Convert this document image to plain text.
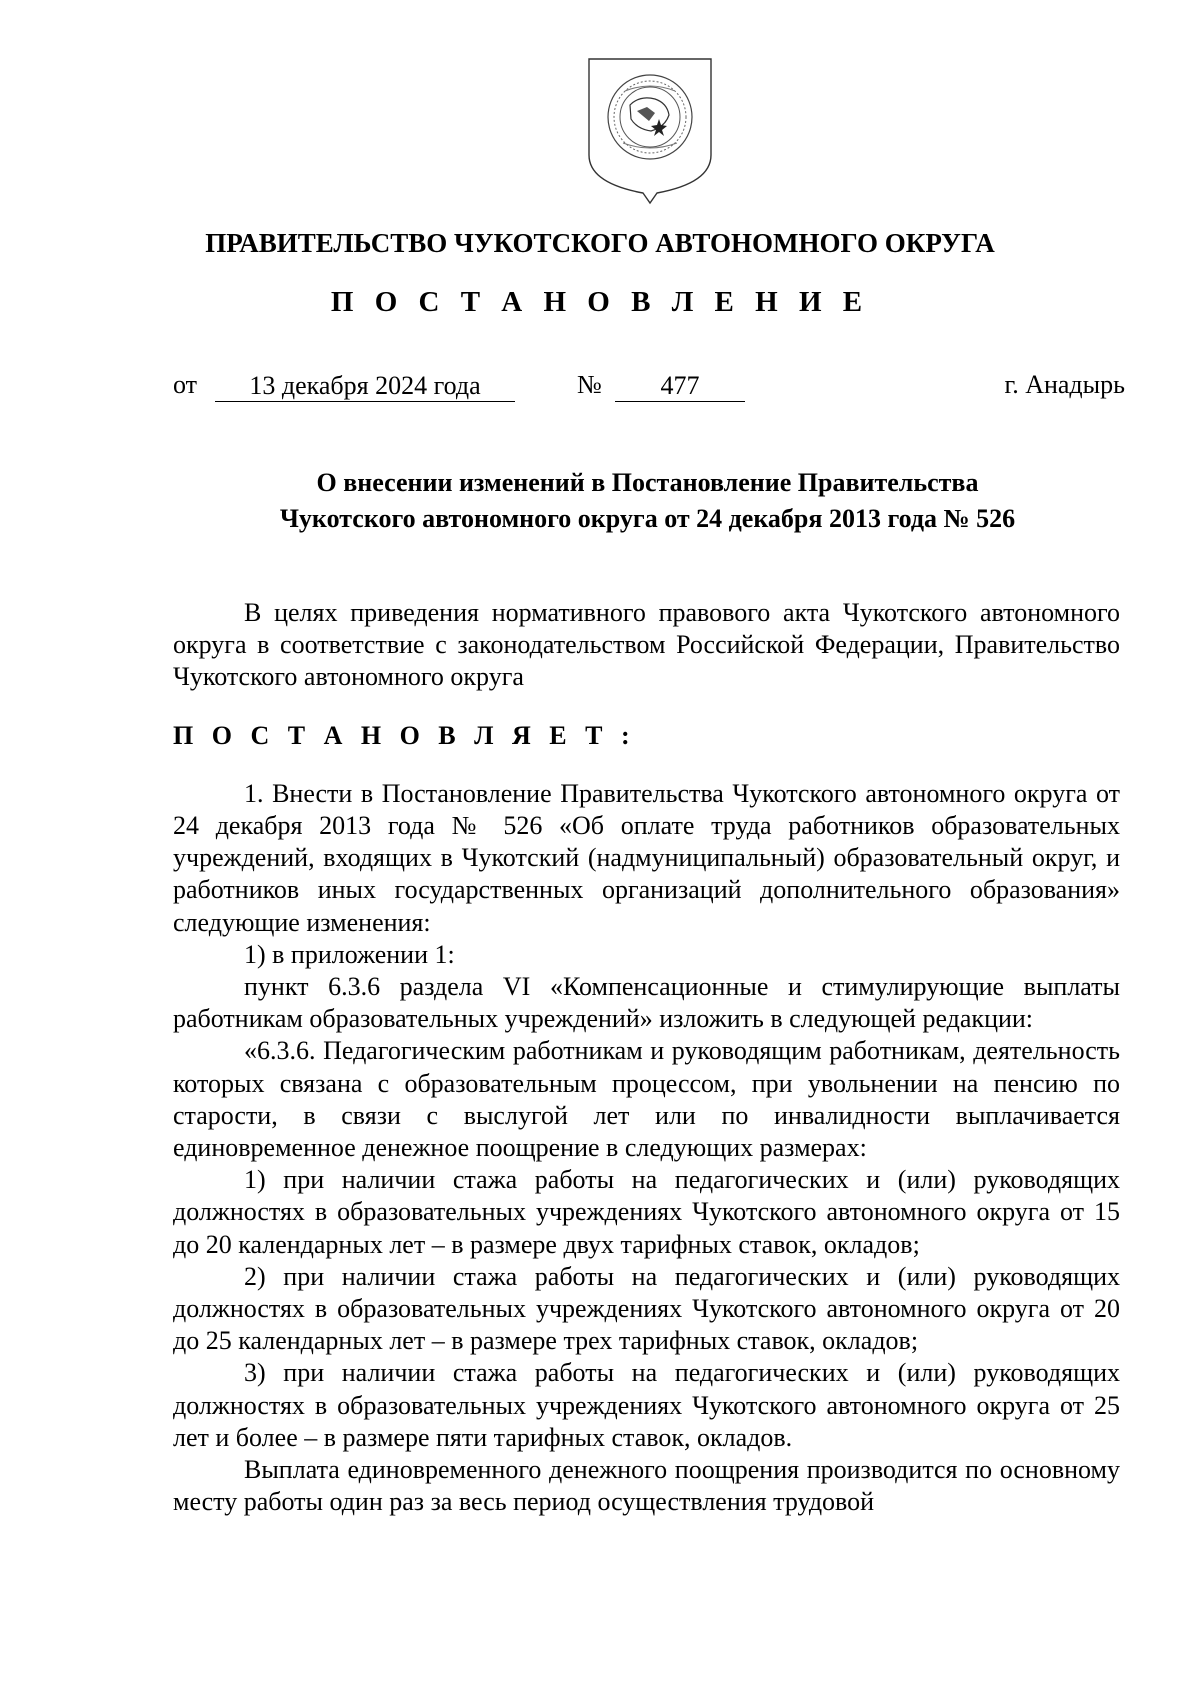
ПРАВИТЕЛЬСТВО ЧУКОТСКОГО АВТОНОМНОГО ОКРУГА
П О С Т А Н О В Л Е Н И Е
от	13 декабря 2024 года	№	477	г. Анадырь
О внесении изменений в Постановление Правительства
Чукотского автономного округа от 24 декабря 2013 года № 526

В целях приведения нормативного правового акта Чукотского автономного округа в соответствие с законодательством Российской Федерации, Правительство Чукотского автономного округа

П О С Т А Н О В Л Я Е Т :

1. Внести в Постановление Правительства Чукотского автономного округа от 24 декабря 2013 года № 526 «Об оплате труда работников образовательных учреждений, входящих в Чукотский (надмуниципальный) образовательный округ, и работников иных государственных организаций дополнительного образования» следующие изменения:

1) в приложении 1:

пункт 6.3.6 раздела VI «Компенсационные и стимулирующие выплаты работникам образовательных учреждений» изложить в следующей редакции:

«6.3.6. Педагогическим работникам и руководящим работникам, деятельность которых связана с образовательным процессом, при увольнении на пенсию по старости, в связи с выслугой лет или по инвалидности выплачивается единовременное денежное поощрение в следующих размерах:

1) при наличии стажа работы на педагогических и (или) руководящих должностях в образовательных учреждениях Чукотского автономного округа от 15 до 20 календарных лет – в размере двух тарифных ставок, окладов;

2) при наличии стажа работы на педагогических и (или) руководящих должностях в образовательных учреждениях Чукотского автономного округа от 20 до 25 календарных лет – в размере трех тарифных ставок, окладов;

3) при наличии стажа работы на педагогических и (или) руководящих должностях в образовательных учреждениях Чукотского автономного округа от 25 лет и более – в размере пяти тарифных ставок, окладов.

Выплата единовременного денежного поощрения производится по основному месту работы один раз за весь период осуществления трудовой
